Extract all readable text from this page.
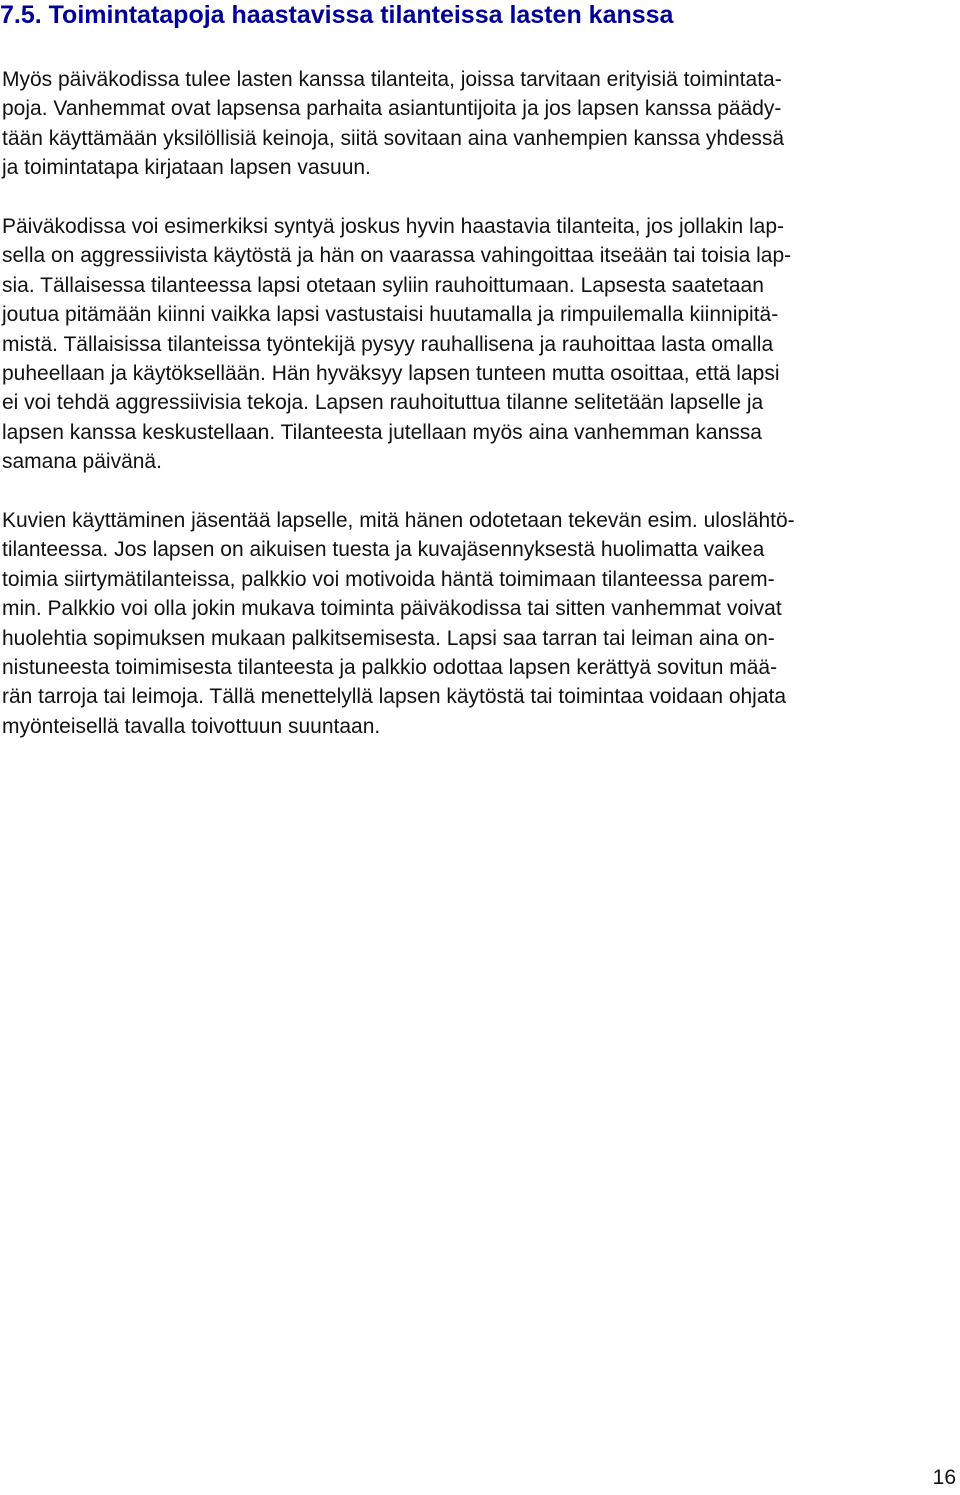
7.5. Toimintatapoja haastavissa tilanteissa lasten kanssa

Myös päiväkodissa tulee lasten kanssa tilanteita, joissa tarvitaan erityisiä toimintata-
poja. Vanhemmat ovat lapsensa parhaita asiantuntijoita ja jos lapsen kanssa päädy-
tään käyttämään yksilöllisiä keinoja, siitä sovitaan aina vanhempien kanssa yhdessä
ja toimintatapa kirjataan lapsen vasuun.

Päiväkodissa voi esimerkiksi syntyä joskus hyvin haastavia tilanteita, jos jollakin lap-
sella on aggressiivista käytöstä ja hän on vaarassa vahingoittaa itseään tai toisia lap-
sia. Tällaisessa tilanteessa lapsi otetaan syliin rauhoittumaan. Lapsesta saatetaan
joutua pitämään kiinni vaikka lapsi vastustaisi huutamalla ja rimpuilemalla kiinnipitä-
mistä. Tällaisissa tilanteissa työntekijä pysyy rauhallisena ja rauhoittaa lasta omalla
puheellaan ja käytöksellään. Hän hyväksyy lapsen tunteen mutta osoittaa, että lapsi
ei voi tehdä aggressiivisia tekoja. Lapsen rauhoituttua tilanne selitetään lapselle ja
lapsen kanssa keskustellaan. Tilanteesta jutellaan myös aina vanhemman kanssa
samana päivänä.

Kuvien käyttäminen jäsentää lapselle, mitä hänen odotetaan tekevän esim. uloslähtö-
tilanteessa. Jos lapsen on aikuisen tuesta ja kuvajäsennyksestä huolimatta vaikea
toimia siirtymätilanteissa, palkkio voi motivoida häntä toimimaan tilanteessa parem-
min. Palkkio voi olla jokin mukava toiminta päiväkodissa tai sitten vanhemmat voivat
huolehtia sopimuksen mukaan palkitsemisesta. Lapsi saa tarran tai leiman aina on-
nistuneesta toimimisesta tilanteesta ja palkkio odottaa lapsen kerättyä sovitun mää-
rän tarroja tai leimoja. Tällä menettelyllä lapsen käytöstä tai toimintaa voidaan ohjata
myönteisellä tavalla toivottuun suuntaan.

16
